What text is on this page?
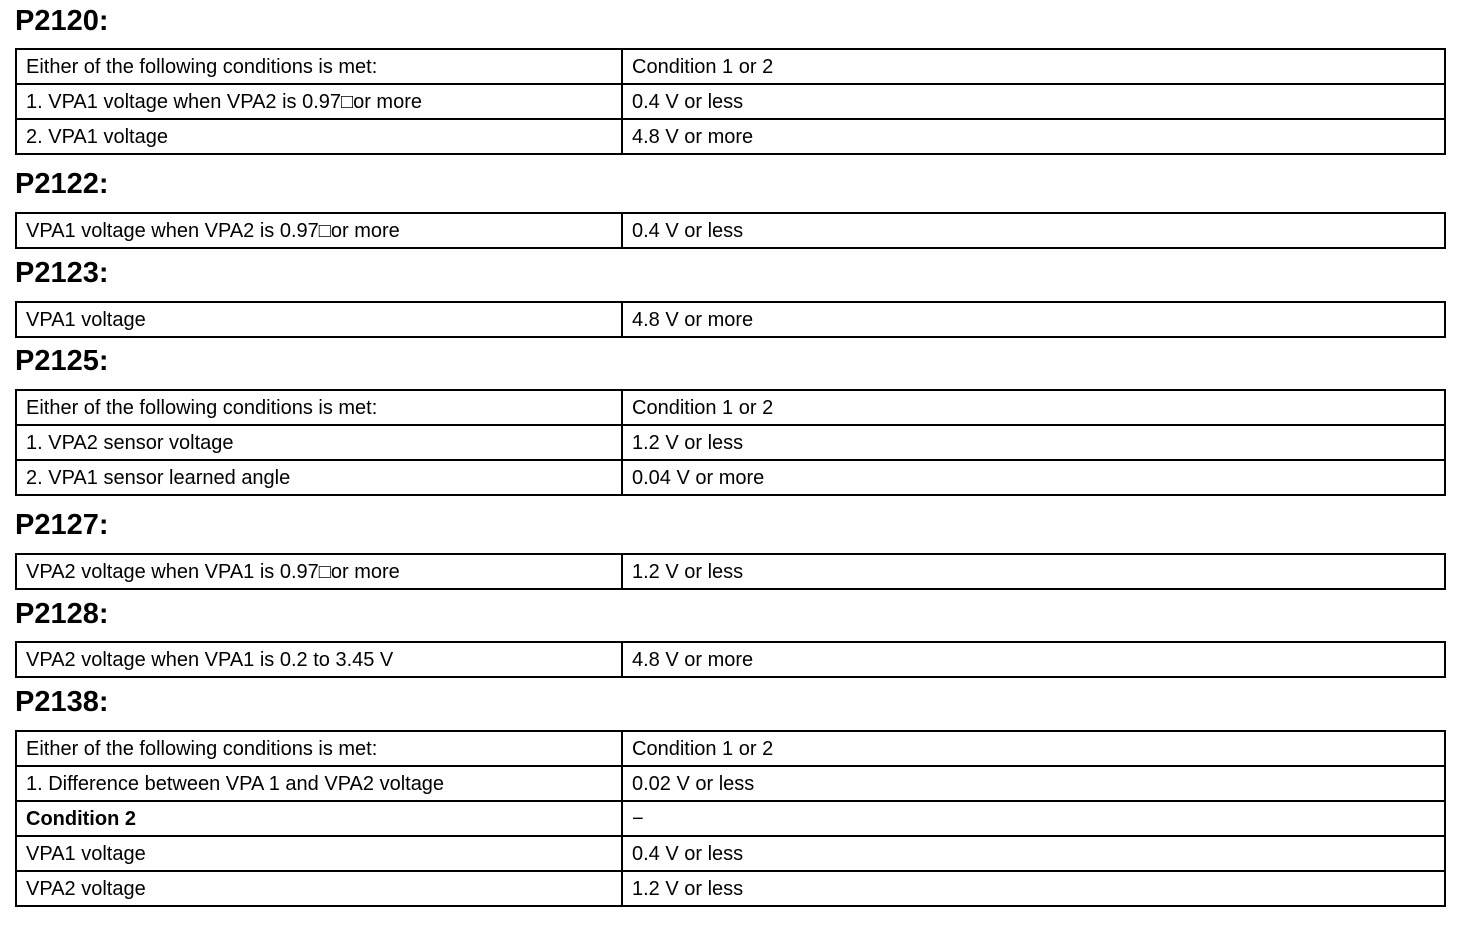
P2120:
Either of the following conditions is met:	Condition 1 or 2
1. VPA1 voltage when VPA2 is 0.97□or more	0.4 V or less
2. VPA1 voltage	4.8 V or more
P2122:
VPA1 voltage when VPA2 is 0.97□or more	0.4 V or less
P2123:
VPA1 voltage	4.8 V or more
P2125:
Either of the following conditions is met:	Condition 1 or 2
1. VPA2 sensor voltage	1.2 V or less
2. VPA1 sensor learned angle	0.04 V or more
P2127:
VPA2 voltage when VPA1 is 0.97□or more	1.2 V or less
P2128:
VPA2 voltage when VPA1 is 0.2 to 3.45 V	4.8 V or more
P2138:
Either of the following conditions is met:	Condition 1 or 2
1. Difference between VPA 1 and VPA2 voltage	0.02 V or less
Condition 2	−
VPA1 voltage	0.4 V or less
VPA2 voltage	1.2 V or less
